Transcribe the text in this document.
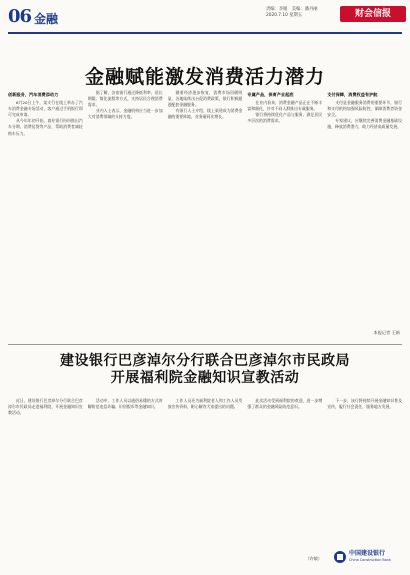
06 金融
责编：李媛　美编：潘丹丽
2020.7.10 星期五	财会信报
金融赋能激发消费活力潜力
创新服务，汽车消费添动力

6月20日上午，某支行在线上举办了汽车消费金融专场活动，客户通过手机银行即可完成申请。

从今年年初开始，商业银行纷纷推出汽车分期、消费信贷等产品，帮助消费者减轻购车压力。

据了解，各家银行通过降低利率、延长期限、简化流程等方式，支持居民合理消费需求。

业内人士表示，金融机构应当进一步加大对消费领域的支持力度。

随着经济逐步恢复，消费市场回暖明显，各地陆续出台促消费政策，银行积极跟进配套金融服务。

有银行人士介绍，线上渠道成为消费金融的重要阵地，业务量同比增长。

专属产品，保育产业起底

在业内看来，消费金融产品正在不断丰富和细化，针对不同人群推出专属服务。

银行将持续优化产品与服务，满足居民多层次的消费需求。

支付保障，消费权益有护航

支付是金融服务消费的重要环节，银行和支付机构加强风险防控，保障消费者资金安全。

专家建议，应继续完善消费金融基础设施，释放消费潜力，助力经济高质量发展。

本报记者 王新
建设银行巴彦淖尔分行联合巴彦淖尔市民政局
开展福利院金融知识宣教活动

近日，建设银行巴彦淖尔分行联合巴彦淖尔市民政局走进福利院，开展金融知识宣教活动。

活动中，工作人员以通俗易懂的方式讲解防范电信诈骗、识别假币等金融知识。

工作人员还为福利院老人和工作人员发放宣传资料，耐心解答大家提出的问题。

此次活动受到福利院的欢迎，进一步增强了群众的金融风险防范意识。

下一步，该行将持续开展金融知识普及宣传，履行社会责任，服务地方发展。

（许敏）
中国建设银行
China Construction Bank
